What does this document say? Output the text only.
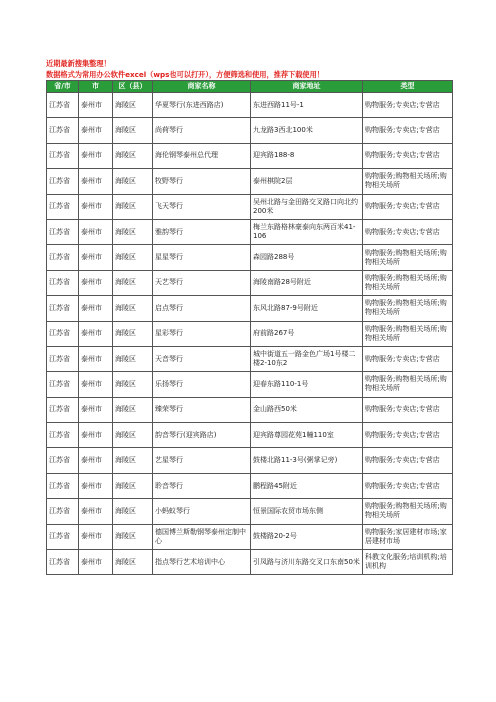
近期最新搜集整理！
数据格式为常用办公软件excel（wps也可以打开），方便筛选和使用，推荐下载使用！
省/市	市	区（县）	商家名称	商家地址	类型
江苏省	泰州市	海陵区	华夏琴行(东进西路店)	东进西路11号-1	购物服务;专卖店;专营店
江苏省	泰州市	海陵区	尚荷琴行	九龙路3西北100米	购物服务;专卖店;专营店
江苏省	泰州市	海陵区	海伦钢琴泰州总代理	迎宾路188-8	购物服务;专卖店;专营店
江苏省	泰州市	海陵区	牧野琴行	泰州棋院2层	购物服务;购物相关场所;购物相关场所
江苏省	泰州市	海陵区	飞天琴行	吴州北路与金田路交叉路口向北约200米	购物服务;专卖店;专营店
江苏省	泰州市	海陵区	雅韵琴行	梅兰东路格林豪泰向东两百米41-106	购物服务;专卖店;专营店
江苏省	泰州市	海陵区	星星琴行	森园路288号	购物服务;购物相关场所;购物相关场所
江苏省	泰州市	海陵区	天艺琴行	海陵南路28号附近	购物服务;购物相关场所;购物相关场所
江苏省	泰州市	海陵区	启点琴行	东风北路87-9号附近	购物服务;购物相关场所;购物相关场所
江苏省	泰州市	海陵区	星彩琴行	府前路267号	购物服务;购物相关场所;购物相关场所
江苏省	泰州市	海陵区	天音琴行	城中街道五一路金色广场1号楼二楼2-10东2	购物服务;专卖店;专营店
江苏省	泰州市	海陵区	乐扬琴行	迎春东路110-1号	购物服务;购物相关场所;购物相关场所
江苏省	泰州市	海陵区	臻荣琴行	金山路西50米	购物服务;专卖店;专营店
江苏省	泰州市	海陵区	韵音琴行(迎宾路店)	迎宾路尊园花苑1幢110室	购物服务;专卖店;专营店
江苏省	泰州市	海陵区	艺星琴行	鼓楼北路11-3号(粥掌记旁)	购物服务;专卖店;专营店
江苏省	泰州市	海陵区	聆音琴行	鹏程路45附近	购物服务;专卖店;专营店
江苏省	泰州市	海陵区	小蚂蚁琴行	恒景国际农贸市场东侧	购物服务;购物相关场所;购物相关场所
江苏省	泰州市	海陵区	德国博兰斯勒钢琴泰州定制中心	鼓楼路20-2号	购物服务;家居建材市场;家居建材市场
江苏省	泰州市	海陵区	指点琴行艺术培训中心	引凤路与济川东路交叉口东南50米	科教文化服务;培训机构;培训机构
